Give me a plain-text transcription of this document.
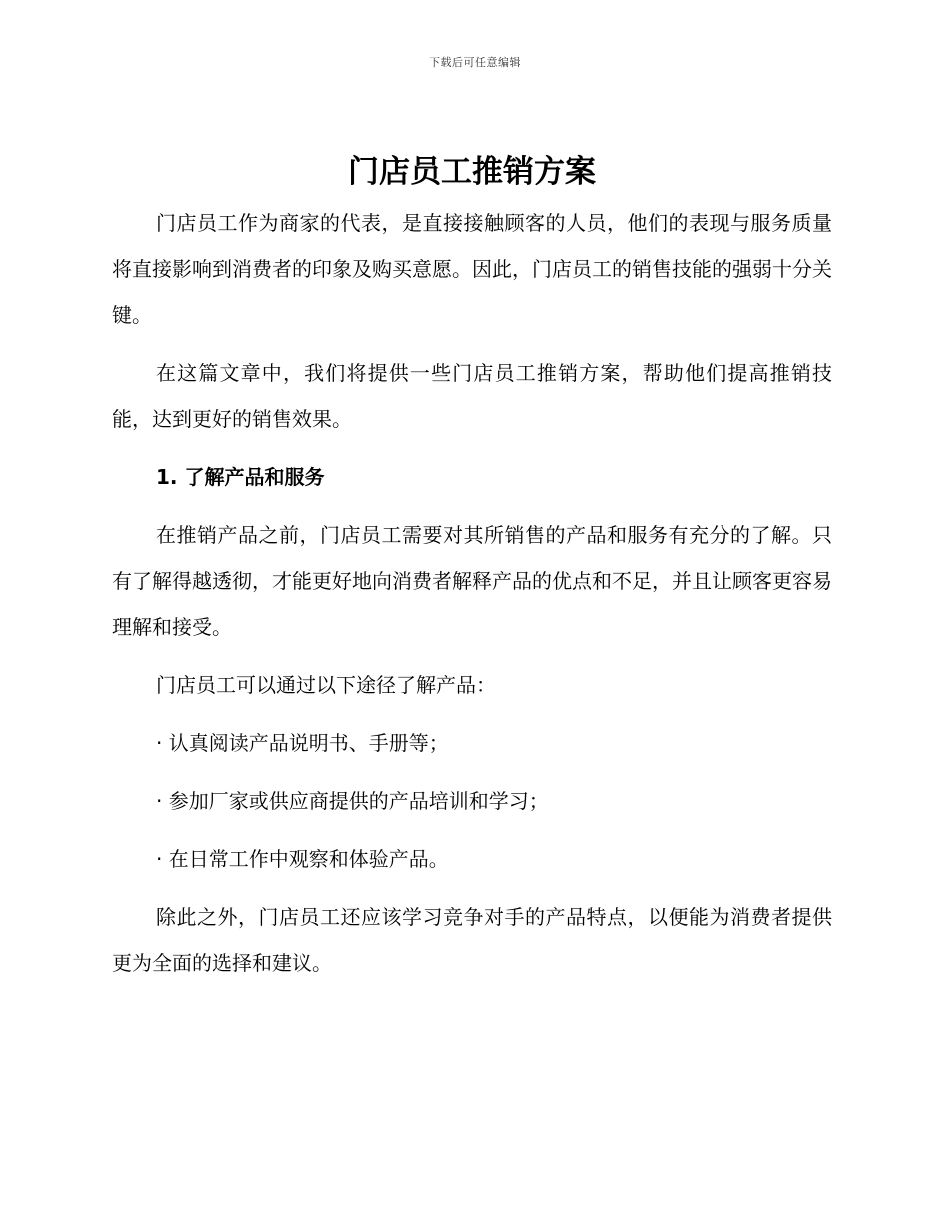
下载后可任意编辑
门店员工推销方案

门店员工作为商家的代表，是直接接触顾客的人员，他们的表现与服务质量将直接影响到消费者的印象及购买意愿。因此，门店员工的销售技能的强弱十分关键。

在这篇文章中，我们将提供一些门店员工推销方案，帮助他们提高推销技能，达到更好的销售效果。

1. 了解产品和服务

在推销产品之前，门店员工需要对其所销售的产品和服务有充分的了解。只有了解得越透彻，才能更好地向消费者解释产品的优点和不足，并且让顾客更容易理解和接受。

门店员工可以通过以下途径了解产品：

· 认真阅读产品说明书、手册等；
· 参加厂家或供应商提供的产品培训和学习；
· 在日常工作中观察和体验产品。

除此之外，门店员工还应该学习竞争对手的产品特点，以便能为消费者提供更为全面的选择和建议。
